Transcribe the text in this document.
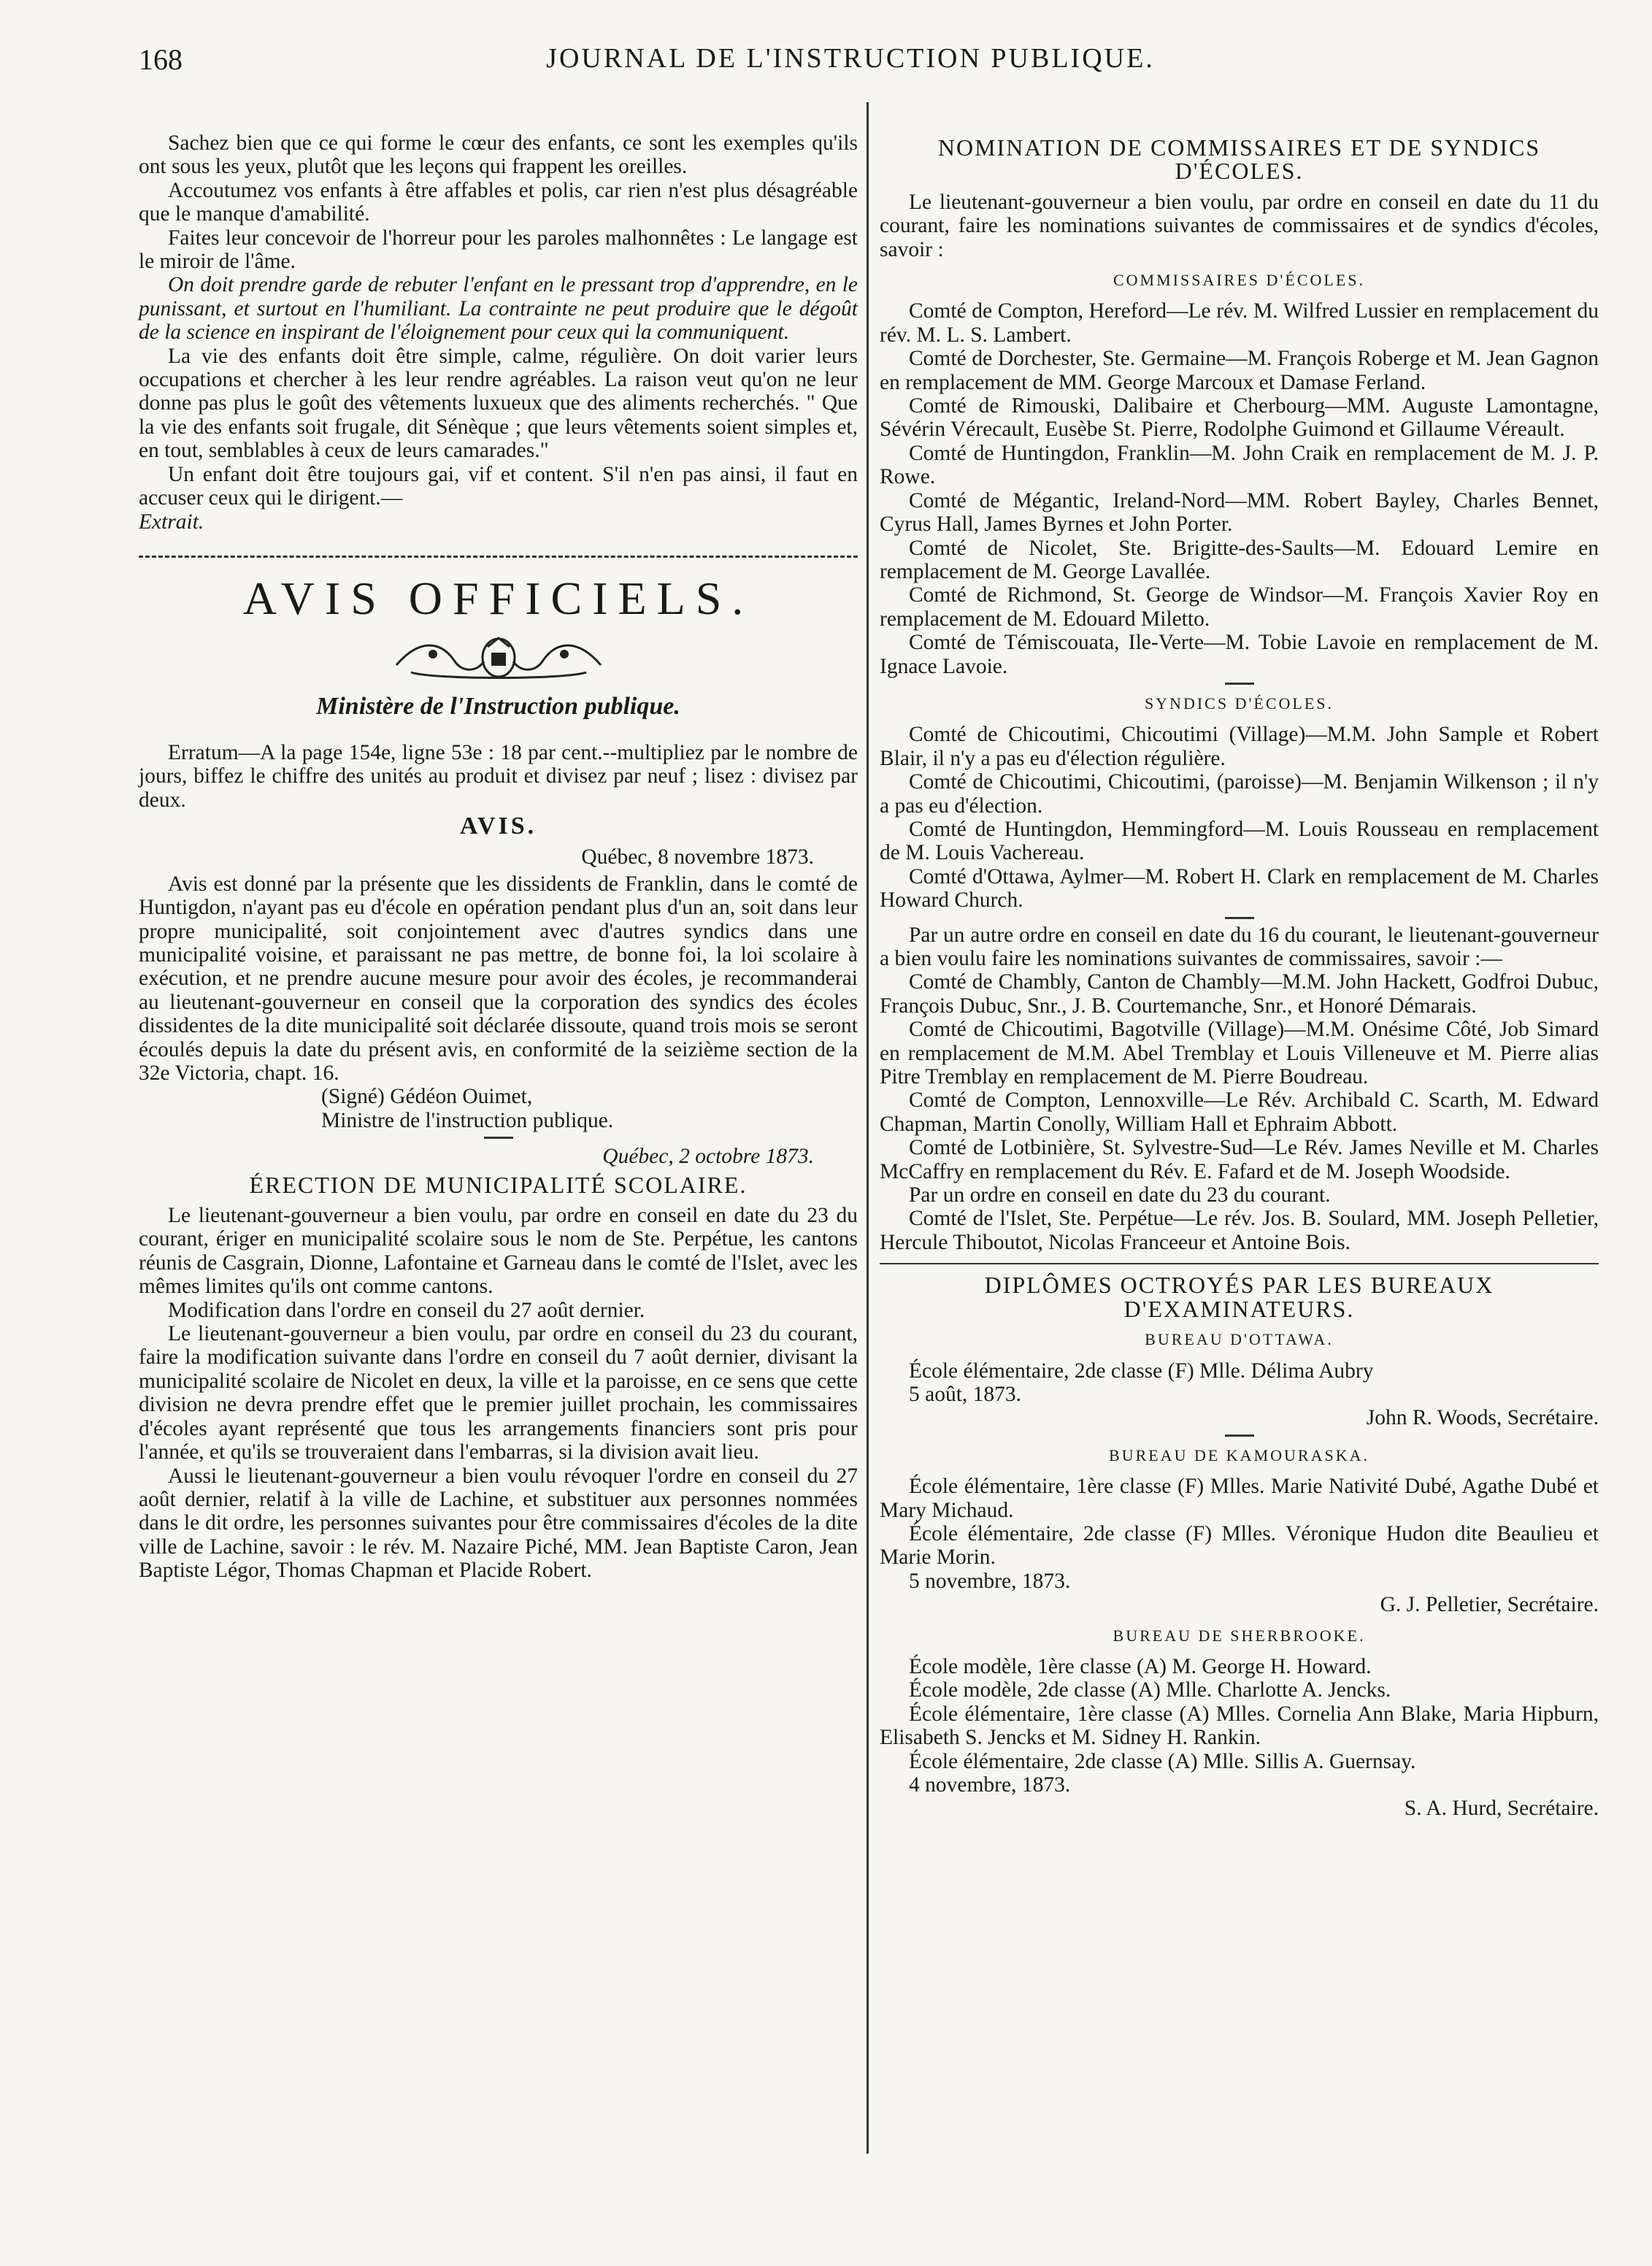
168	JOURNAL DE L'INSTRUCTION PUBLIQUE.

Sachez bien que ce qui forme le cœur des enfants, ce sont les exemples qu'ils ont sous les yeux, plutôt que les leçons qui frappent les oreilles.

Accoutumez vos enfants à être affables et polis, car rien n'est plus désagréable que le manque d'amabilité.

Faites leur concevoir de l'horreur pour les paroles malhonnêtes : Le langage est le miroir de l'âme.

On doit prendre garde de rebuter l'enfant en le pressant trop d'apprendre, en le punissant, et surtout en l'humiliant. La contrainte ne peut produire que le dégoût de la science en inspirant de l'éloignement pour ceux qui la communiquent.

La vie des enfants doit être simple, calme, régulière. On doit varier leurs occupations et chercher à les leur rendre agréables. La raison veut qu'on ne leur donne pas plus le goût des vêtements luxueux que des aliments recherchés. " Que la vie des enfants soit frugale, dit Sénèque ; que leurs vêtements soient simples et, en tout, semblables à ceux de leurs camarades."

Un enfant doit être toujours gai, vif et content. S'il n'en pas ainsi, il faut en accuser ceux qui le dirigent.—

Extrait.
AVIS OFFICIELS.
Ministère de l'Instruction publique.

Erratum—A la page 154e, ligne 53e : 18 par cent.--multipliez par le nombre de jours, biffez le chiffre des unités au produit et divisez par neuf ; lisez : divisez par deux.

AVIS.
Québec, 8 novembre 1873.

Avis est donné par la présente que les dissidents de Franklin, dans le comté de Huntigdon, n'ayant pas eu d'école en opération pendant plus d'un an, soit dans leur propre municipalité, soit conjointement avec d'autres syndics dans une municipalité voisine, et paraissant ne pas mettre, de bonne foi, la loi scolaire à exécution, et ne prendre aucune mesure pour avoir des écoles, je recommanderai au lieutenant-gouverneur en conseil que la corporation des syndics des écoles dissidentes de la dite municipalité soit déclarée dissoute, quand trois mois se seront écoulés depuis la date du présent avis, en conformité de la seizième section de la 32e Victoria, chapt. 16.

(Signé) Gédéon Ouimet,
Ministre de l'instruction publique.
Québec, 2 octobre 1873.
ÉRECTION DE MUNICIPALITÉ SCOLAIRE.

Le lieutenant-gouverneur a bien voulu, par ordre en conseil en date du 23 du courant, ériger en municipalité scolaire sous le nom de Ste. Perpétue, les cantons réunis de Casgrain, Dionne, Lafontaine et Garneau dans le comté de l'Islet, avec les mêmes limites qu'ils ont comme cantons.

Modification dans l'ordre en conseil du 27 août dernier.

Le lieutenant-gouverneur a bien voulu, par ordre en conseil du 23 du courant, faire la modification suivante dans l'ordre en conseil du 7 août dernier, divisant la municipalité scolaire de Nicolet en deux, la ville et la paroisse, en ce sens que cette division ne devra prendre effet que le premier juillet prochain, les commissaires d'écoles ayant représenté que tous les arrangements financiers sont pris pour l'année, et qu'ils se trouveraient dans l'embarras, si la division avait lieu.

Aussi le lieutenant-gouverneur a bien voulu révoquer l'ordre en conseil du 27 août dernier, relatif à la ville de Lachine, et substituer aux personnes nommées dans le dit ordre, les personnes suivantes pour être commissaires d'écoles de la dite ville de Lachine, savoir : le rév. M. Nazaire Piché, MM. Jean Baptiste Caron, Jean Baptiste Légor, Thomas Chapman et Placide Robert.

NOMINATION DE COMMISSAIRES ET DE SYNDICS D'ÉCOLES.

Le lieutenant-gouverneur a bien voulu, par ordre en conseil en date du 11 du courant, faire les nominations suivantes de commissaires et de syndics d'écoles, savoir :

COMMISSAIRES D'ÉCOLES.

Comté de Compton, Hereford—Le rév. M. Wilfred Lussier en remplacement du rév. M. L. S. Lambert.

Comté de Dorchester, Ste. Germaine—M. François Roberge et M. Jean Gagnon en remplacement de MM. George Marcoux et Damase Ferland.

Comté de Rimouski, Dalibaire et Cherbourg—MM. Auguste Lamontagne, Sévérin Vérecault, Eusèbe St. Pierre, Rodolphe Guimond et Gillaume Véreault.

Comté de Huntingdon, Franklin—M. John Craik en remplacement de M. J. P. Rowe.

Comté de Mégantic, Ireland-Nord—MM. Robert Bayley, Charles Bennet, Cyrus Hall, James Byrnes et John Porter.

Comté de Nicolet, Ste. Brigitte-des-Saults—M. Edouard Lemire en remplacement de M. George Lavallée.

Comté de Richmond, St. George de Windsor—M. François Xavier Roy en remplacement de M. Edouard Miletto.

Comté de Témiscouata, Ile-Verte—M. Tobie Lavoie en remplacement de M. Ignace Lavoie.

SYNDICS D'ÉCOLES.

Comté de Chicoutimi, Chicoutimi (Village)—M.M. John Sample et Robert Blair, il n'y a pas eu d'élection régulière.

Comté de Chicoutimi, Chicoutimi, (paroisse)—M. Benjamin Wilkenson ; il n'y a pas eu d'élection.

Comté de Huntingdon, Hemmingford—M. Louis Rousseau en remplacement de M. Louis Vachereau.

Comté d'Ottawa, Aylmer—M. Robert H. Clark en remplacement de M. Charles Howard Church.

Par un autre ordre en conseil en date du 16 du courant, le lieutenant-gouverneur a bien voulu faire les nominations suivantes de commissaires, savoir :—

Comté de Chambly, Canton de Chambly—M.M. John Hackett, Godfroi Dubuc, François Dubuc, Snr., J. B. Courtemanche, Snr., et Honoré Démarais.

Comté de Chicoutimi, Bagotville (Village)—M.M. Onésime Côté, Job Simard en remplacement de M.M. Abel Tremblay et Louis Villeneuve et M. Pierre alias Pitre Tremblay en remplacement de M. Pierre Boudreau.

Comté de Compton, Lennoxville—Le Rév. Archibald C. Scarth, M. Edward Chapman, Martin Conolly, William Hall et Ephraim Abbott.

Comté de Lotbinière, St. Sylvestre-Sud—Le Rév. James Neville et M. Charles McCaffry en remplacement du Rév. E. Fafard et de M. Joseph Woodside.

Par un ordre en conseil en date du 23 du courant.

Comté de l'Islet, Ste. Perpétue—Le rév. Jos. B. Soulard, MM. Joseph Pelletier, Hercule Thiboutot, Nicolas Franceeur et Antoine Bois.

DIPLÔMES OCTROYÉS PAR LES BUREAUX D'EXAMINATEURS.
BUREAU D'OTTAWA.

École élémentaire, 2de classe (F) Mlle. Délima Aubry

5 août, 1873.

John R. Woods, Secrétaire.
BUREAU DE KAMOURASKA.

École élémentaire, 1ère classe (F) Mlles. Marie Nativité Dubé, Agathe Dubé et Mary Michaud.

École élémentaire, 2de classe (F) Mlles. Véronique Hudon dite Beaulieu et Marie Morin.

5 novembre, 1873.

G. J. Pelletier, Secrétaire.
BUREAU DE SHERBROOKE.

École modèle, 1ère classe (A) M. George H. Howard.

École modèle, 2de classe (A) Mlle. Charlotte A. Jencks.

École élémentaire, 1ère classe (A) Mlles. Cornelia Ann Blake, Maria Hipburn, Elisabeth S. Jencks et M. Sidney H. Rankin.

École élémentaire, 2de classe (A) Mlle. Sillis A. Guernsay.

4 novembre, 1873.

S. A. Hurd, Secrétaire.
